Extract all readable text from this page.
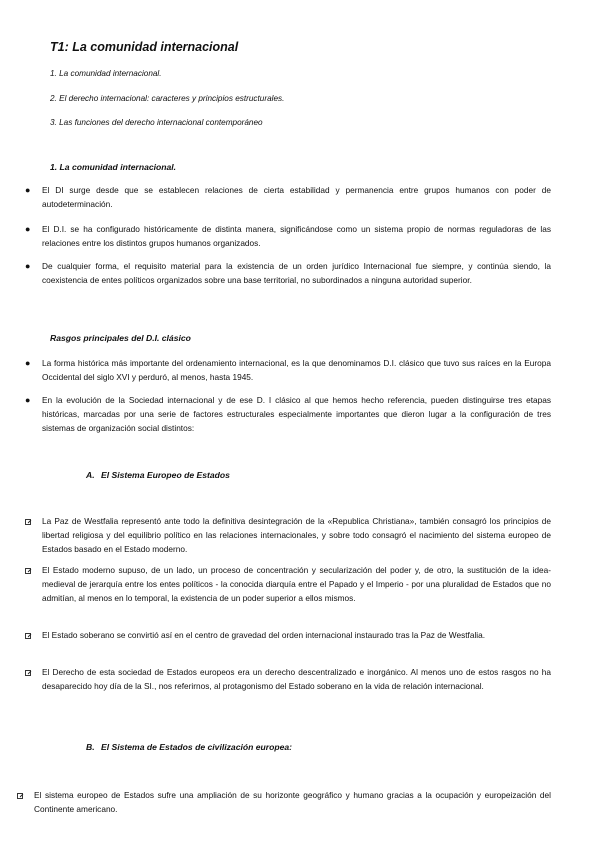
T1: La comunidad internacional
1. La comunidad internacional.
2. El derecho internacional: caracteres y principios estructurales.
3. Las funciones del derecho internacional contemporáneo
1. La comunidad internacional.
● El DI surge desde que se establecen relaciones de cierta estabilidad y permanencia entre grupos humanos con poder de autodeterminación.

● El D.I. se ha configurado históricamente de distinta manera, significándose como un sistema propio de normas reguladoras de las relaciones entre los distintos grupos humanos organizados.

● De cualquier forma, el requisito material para la existencia de un orden jurídico Internacional fue siempre, y continúa siendo, la coexistencia de entes políticos organizados sobre una base territorial, no subordinados a ninguna autoridad superior.

Rasgos principales del D.I. clásico
● La forma histórica más importante del ordenamiento internacional, es la que denominamos D.I. clásico que tuvo sus raíces en la Europa Occidental del siglo XVI y perduró, al menos, hasta 1945.

● En la evolución de la Sociedad internacional y de ese D. I clásico al que hemos hecho referencia, pueden distinguirse tres etapas históricas, marcadas por una serie de factores estructurales especialmente importantes que dieron lugar a la configuración de tres sistemas de organización social distintos:

A. El Sistema Europeo de Estados

La Paz de Westfalia representó ante todo la definitiva desintegración de la «Republica Christiana», también consagró los principios de libertad religiosa y del equilibrio político en las relaciones internacionales, y sobre todo consagró el nacimiento del sistema europeo de Estados basado en el Estado moderno.

El Estado moderno supuso, de un lado, un proceso de concentración y secularización del poder y, de otro, la sustitución de la idea-medieval de jerarquía entre los entes políticos - la conocida diarquía entre el Papado y el Imperio - por una pluralidad de Estados que no admitían, al menos en lo temporal, la existencia de un poder superior a ellos mismos.

El Estado soberano se convirtió así en el centro de gravedad del orden internacional instaurado tras la Paz de Westfalia.

El Derecho de esta sociedad de Estados europeos era un derecho descentralizado e inorgánico. Al menos uno de estos rasgos no ha desaparecido hoy día de la SI., nos referirnos, al protagonismo del Estado soberano en la vida de relación internacional.

B. El Sistema de Estados de civilización europea:

El sistema europeo de Estados sufre una ampliación de su horizonte geográfico y humano gracias a la ocupación y europeización del Continente americano.
